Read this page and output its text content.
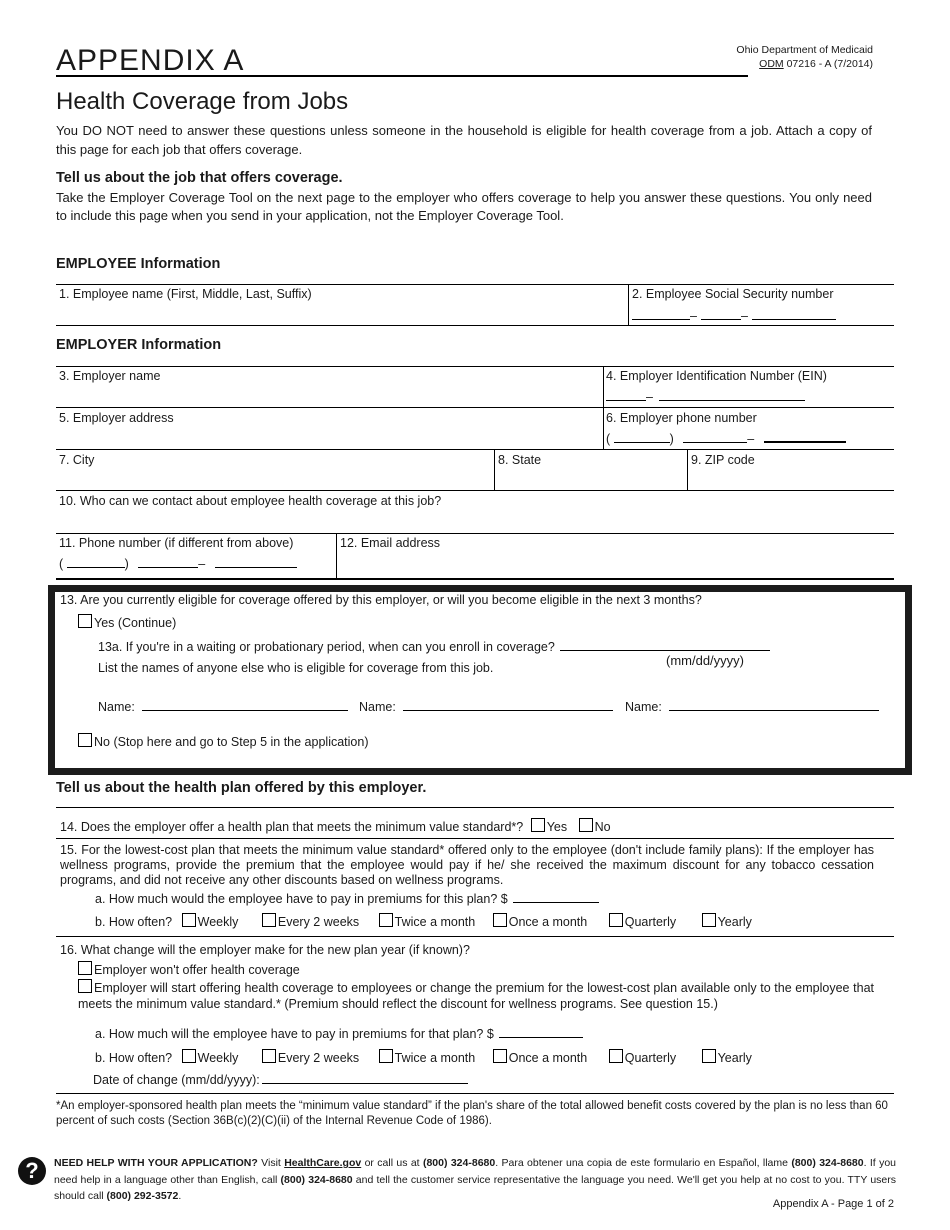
APPENDIX A	Ohio Department of Medicaid
ODM 07216 - A (7/2014)
Health Coverage from Jobs
You DO NOT need to answer these questions unless someone in the household is eligible for health coverage from a job. Attach a copy of this page for each job that offers coverage.
Tell us about the job that offers coverage.
Take the Employer Coverage Tool on the next page to the employer who offers coverage to help you answer these questions. You only need to include this page when you send in your application, not the Employer Coverage Tool.
EMPLOYEE Information
1. Employee name (First, Middle, Last, Suffix)	2. Employee Social Security number
–	–
EMPLOYER Information
3. Employer name	4. Employer Identification Number (EIN)
–
5. Employer address	6. Employer phone number
(	)	–
7. City	8. State	9. ZIP code
10. Who can we contact about employee health coverage at this job?
11. Phone number (if different from above)
(	)	–
12. Email address
13. Are you currently eligible for coverage offered by this employer, or will you become eligible in the next 3 months?
Yes (Continue)
13a. If you're in a waiting or probationary period, when can you enroll in coverage?
(mm/dd/yyyy)
List the names of anyone else who is eligible for coverage from this job.
Name:	Name:	Name:
No (Stop here and go to Step 5 in the application)
Tell us about the health plan offered by this employer.
14. Does the employer offer a health plan that meets the minimum value standard*? Yes No
15. For the lowest-cost plan that meets the minimum value standard* offered only to the employee (don't include family plans): If the employer has wellness programs, provide the premium that the employee would pay if he/ she received the maximum discount for any tobacco cessation programs, and did not receive any other discounts based on wellness programs.
a. How much would the employee have to pay in premiums for this plan? $
b. How often? Weekly	Every 2 weeks	Twice a month	Once a month	Quarterly	Yearly
16. What change will the employer make for the new plan year (if known)?
Employer won't offer health coverage
Employer will start offering health coverage to employees or change the premium for the lowest-cost plan available only to the employee that meets the minimum value standard.* (Premium should reflect the discount for wellness programs. See question 15.)
a. How much will the employee have to pay in premiums for that plan? $
b. How often? Weekly	Every 2 weeks	Twice a month	Once a month	Quarterly	Yearly
Date of change (mm/dd/yyyy):
*An employer-sponsored health plan meets the “minimum value standard” if the plan's share of the total allowed benefit costs covered by the plan is no less than 60 percent of such costs (Section 36B(c)(2)(C)(ii) of the Internal Revenue Code of 1986).
?	NEED HELP WITH YOUR APPLICATION? Visit HealthCare.gov or call us at (800) 324-8680. Para obtener una copia de este formulario en Español, llame (800) 324-8680. If you need help in a language other than English, call (800) 324-8680 and tell the customer service representative the language you need. We'll get you help at no cost to you. TTY users should call (800) 292-3572.
Appendix A - Page 1 of 2
